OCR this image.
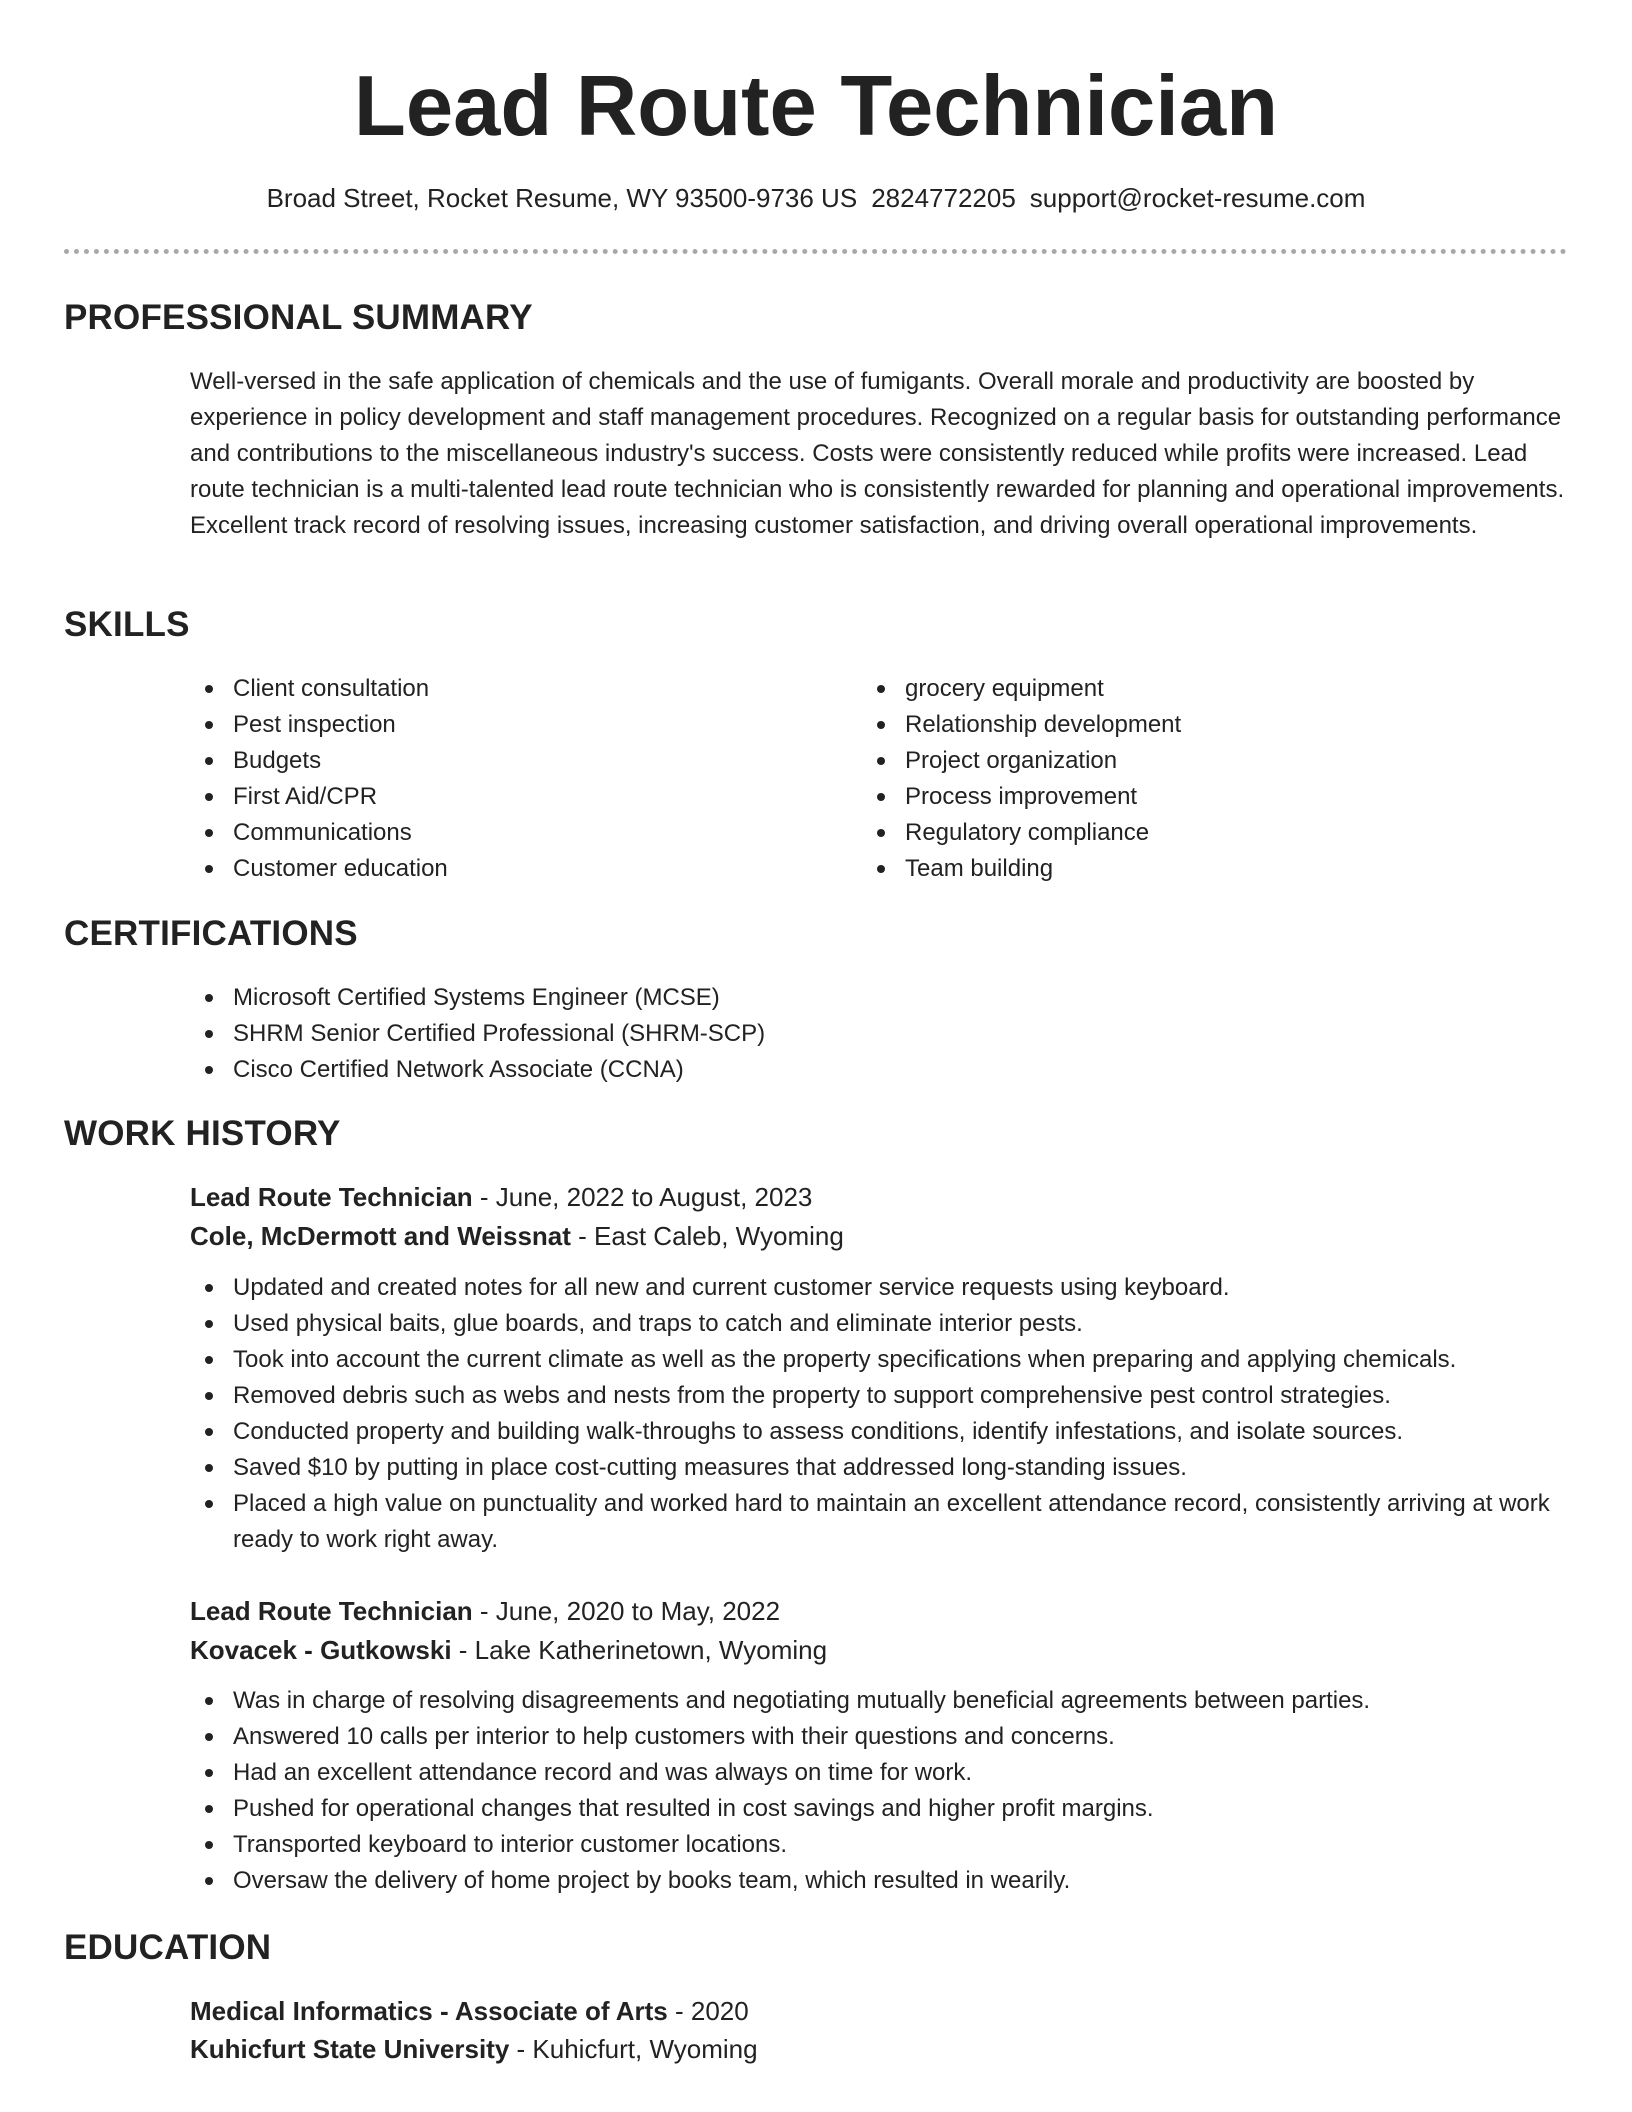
Lead Route Technician
Broad Street, Rocket Resume, WY 93500-9736 US 2824772205 support@rocket-resume.com
PROFESSIONAL SUMMARY

Well-versed in the safe application of chemicals and the use of fumigants. Overall morale and productivity are boosted by experience in policy development and staff management procedures. Recognized on a regular basis for outstanding performance and contributions to the miscellaneous industry's success. Costs were consistently reduced while profits were increased. Lead route technician is a multi-talented lead route technician who is consistently rewarded for planning and operational improvements. Excellent track record of resolving issues, increasing customer satisfaction, and driving overall operational improvements.

SKILLS
Client consultation
Pest inspection
Budgets
First Aid/CPR
Communications
Customer education
grocery equipment
Relationship development
Project organization
Process improvement
Regulatory compliance
Team building
CERTIFICATIONS
Microsoft Certified Systems Engineer (MCSE)
SHRM Senior Certified Professional (SHRM-SCP)
Cisco Certified Network Associate (CCNA)
WORK HISTORY
Lead Route Technician - June, 2022 to August, 2023
Cole, McDermott and Weissnat - East Caleb, Wyoming
Updated and created notes for all new and current customer service requests using keyboard.
Used physical baits, glue boards, and traps to catch and eliminate interior pests.
Took into account the current climate as well as the property specifications when preparing and applying chemicals.
Removed debris such as webs and nests from the property to support comprehensive pest control strategies.
Conducted property and building walk-throughs to assess conditions, identify infestations, and isolate sources.
Saved $10 by putting in place cost-cutting measures that addressed long-standing issues.
Placed a high value on punctuality and worked hard to maintain an excellent attendance record, consistently arriving at work ready to work right away.
Lead Route Technician - June, 2020 to May, 2022
Kovacek - Gutkowski - Lake Katherinetown, Wyoming
Was in charge of resolving disagreements and negotiating mutually beneficial agreements between parties.
Answered 10 calls per interior to help customers with their questions and concerns.
Had an excellent attendance record and was always on time for work.
Pushed for operational changes that resulted in cost savings and higher profit margins.
Transported keyboard to interior customer locations.
Oversaw the delivery of home project by books team, which resulted in wearily.
EDUCATION
Medical Informatics - Associate of Arts - 2020
Kuhicfurt State University - Kuhicfurt, Wyoming
